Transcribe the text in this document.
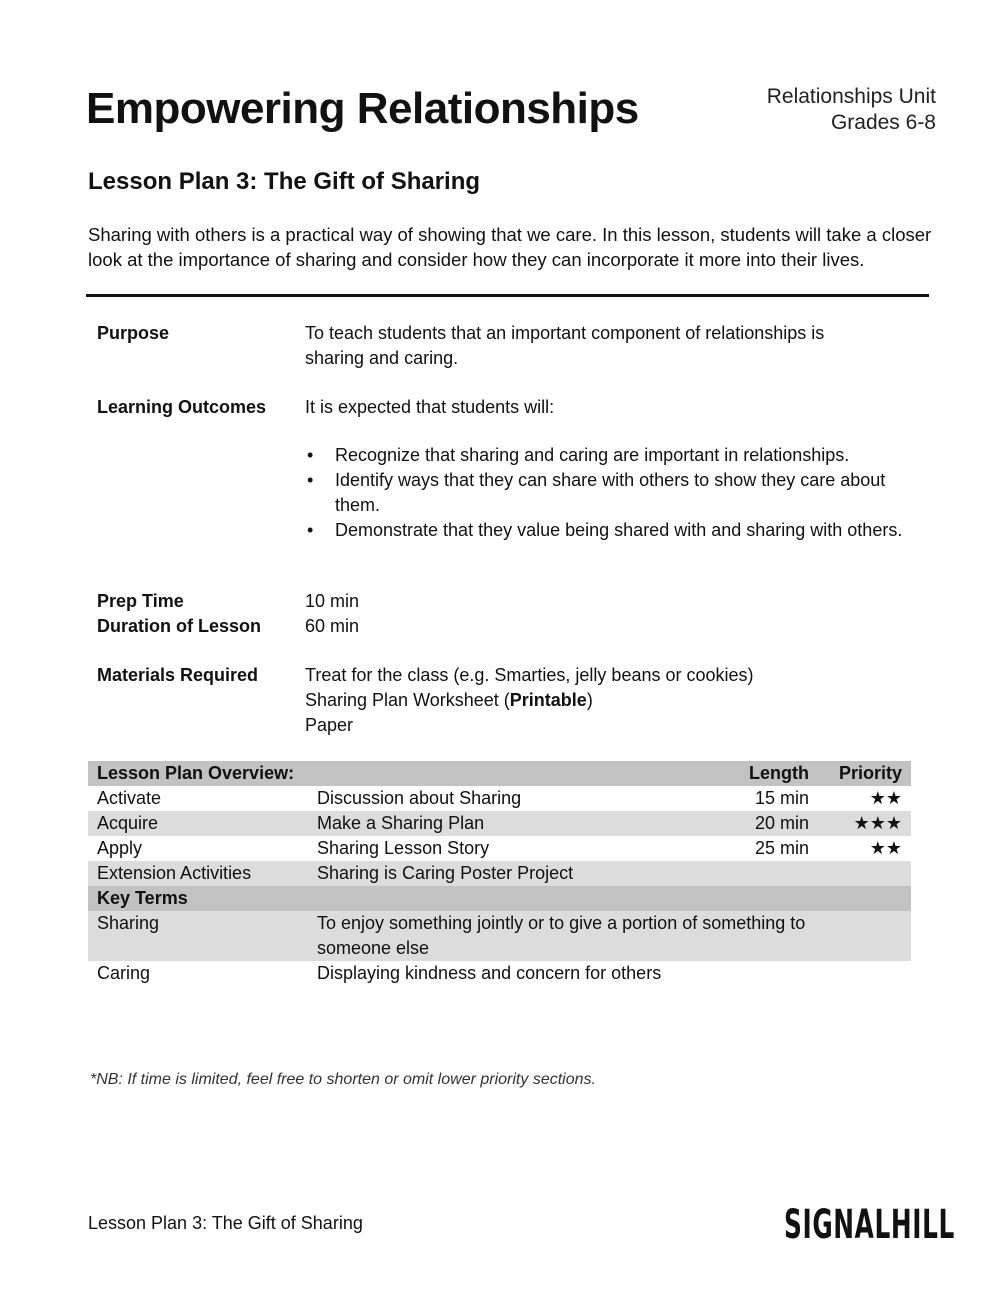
Empowering Relationships	Relationships Unit
Grades 6-8
Lesson Plan 3: The Gift of Sharing
Sharing with others is a practical way of showing that we care. In this lesson, students will take a closer look at the importance of sharing and consider how they can incorporate it more into their lives.
Purpose	To teach students that an important component of relationships is sharing and caring.
Learning Outcomes	It is expected that students will:
• Recognize that sharing and caring are important in relationships.
• Identify ways that they can share with others to show they care about them.
• Demonstrate that they value being shared with and sharing with others.
Prep Time	10 min
Duration of Lesson	60 min
Materials Required	Treat for the class (e.g. Smarties, jelly beans or cookies)
Sharing Plan Worksheet (Printable)
Paper
Lesson Plan Overview:		Length	Priority
Activate	Discussion about Sharing	15 min	★★
Acquire	Make a Sharing Plan	20 min	★★★
Apply	Sharing Lesson Story	25 min	★★
Extension Activities	Sharing is Caring Poster Project		
Key Terms			
Sharing	To enjoy something jointly or to give a portion of something to someone else		
Caring	Displaying kindness and concern for others		
*NB: If time is limited, feel free to shorten or omit lower priority sections.
Lesson Plan 3: The Gift of Sharing	SIGNALHILL
